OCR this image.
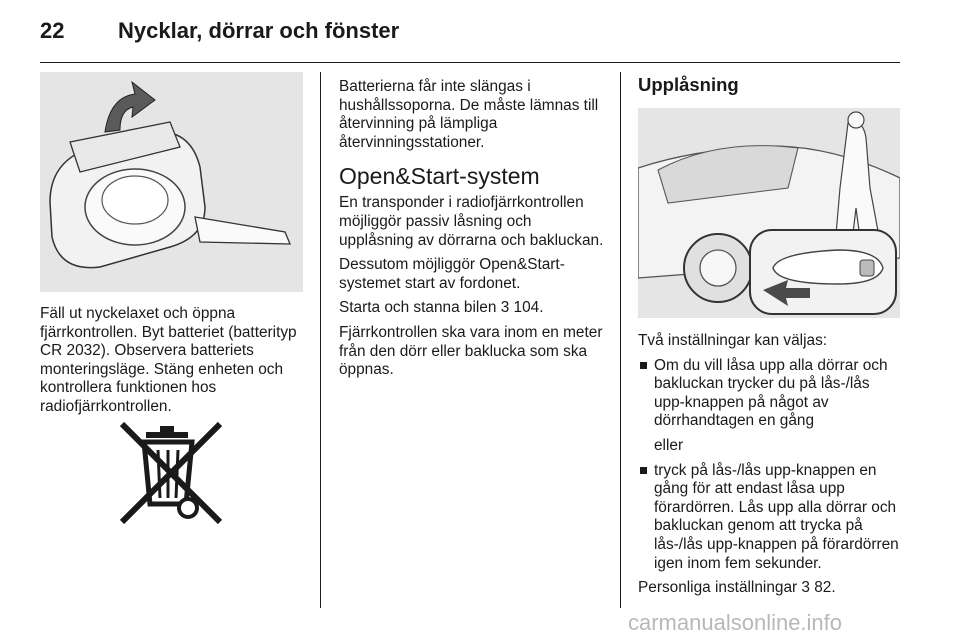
22 Nycklar, dörrar och fönster

Fäll ut nyckelaxet och öppna fjärrkontrollen. Byt batteriet (batterityp CR 2032). Observera batteriets monteringsläge. Stäng enheten och kontrollera funktionen hos radiofjärrkontrollen.

Batterierna får inte slängas i hushållssoporna. De måste lämnas till återvinning på lämpliga återvinningsstationer.

Open&Start-system

En transponder i radiofjärrkontrollen möjliggör passiv låsning och upplåsning av dörrarna och bakluckan.

Dessutom möjliggör Open&Start-systemet start av fordonet.

Starta och stanna bilen 3 104.

Fjärrkontrollen ska vara inom en meter från den dörr eller baklucka som ska öppnas.

Upplåsning

Två inställningar kan väljas:

Om du vill låsa upp alla dörrar och bakluckan trycker du på lås-/lås upp-knappen på något av dörrhandtagen en gång
eller
tryck på lås-/lås upp-knappen en gång för att endast låsa upp förardörren. Lås upp alla dörrar och bakluckan genom att trycka på lås-/lås upp-knappen på förardörren igen inom fem sekunder.

Personliga inställningar 3 82.

carmanualsonline.info
